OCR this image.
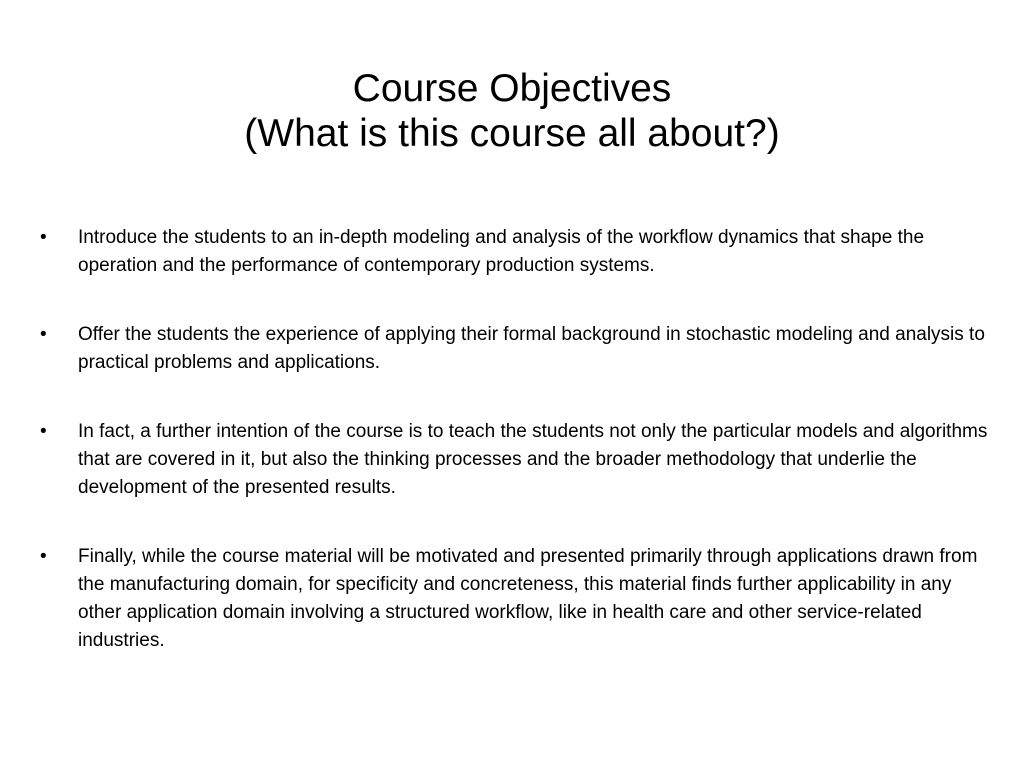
Course Objectives
(What is this course all about?)
• Introduce the students to an in-depth modeling and analysis of the workflow dynamics that shape the operation and the performance of contemporary production systems.
• Offer the students the experience of applying their formal background in stochastic modeling and analysis to practical problems and applications.
• In fact, a further intention of the course is to teach the students not only the particular models and algorithms that are covered in it, but also the thinking processes and the broader methodology that underlie the development of the presented results.
• Finally, while the course material will be motivated and presented primarily through applications drawn from the manufacturing domain, for specificity and concreteness, this material finds further applicability in any other application domain involving a structured workflow, like in health care and other service-related industries.
